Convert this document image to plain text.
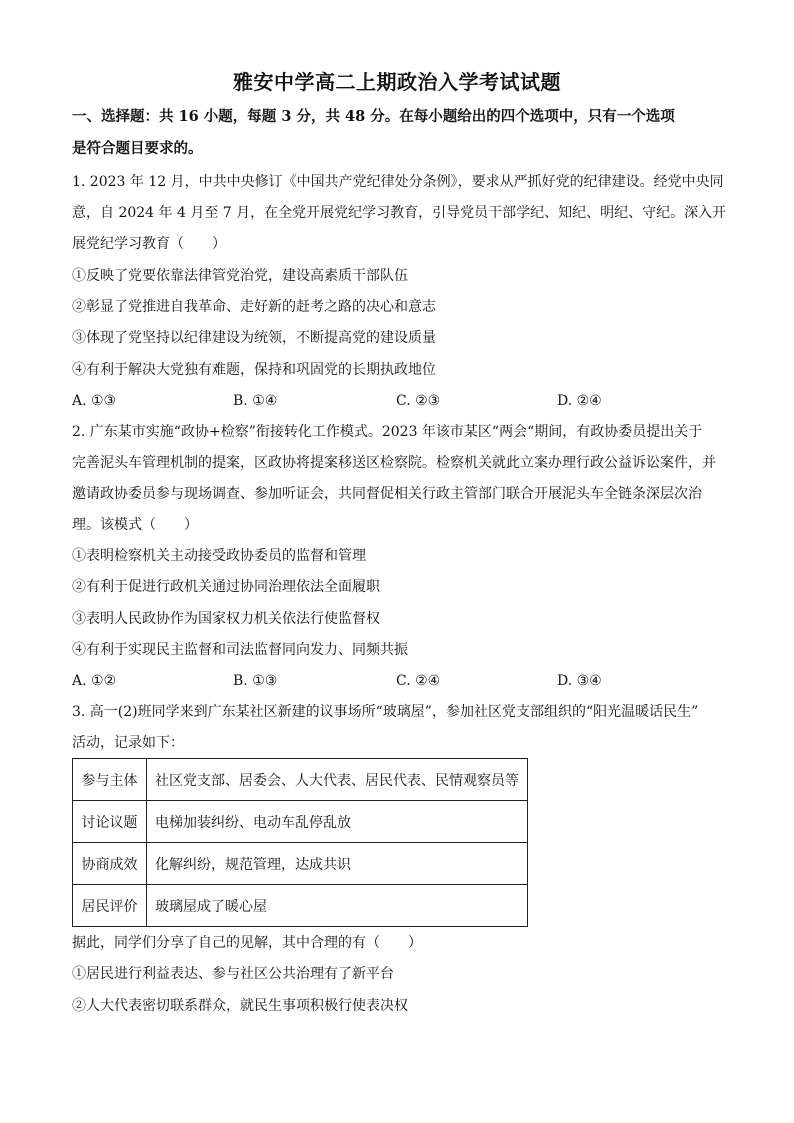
雅安中学高二上期政治入学考试试题
一、选择题：共 16 小题，每题 3 分，共 48 分。在每小题给出的四个选项中，只有一个选项
是符合题目要求的。
1. 2023 年 12 月，中共中央修订《中国共产党纪律处分条例》，要求从严抓好党的纪律建设。经党中央同
意，自 2024 年 4 月至 7 月，在全党开展党纪学习教育，引导党员干部学纪、知纪、明纪、守纪。深入开
展党纪学习教育（　　）
①反映了党要依靠法律管党治党，建设高素质干部队伍
②彰显了党推进自我革命、走好新的赶考之路的决心和意志
③体现了党坚持以纪律建设为统领，不断提高党的建设质量
④有利于解决大党独有难题，保持和巩固党的长期执政地位
A. ①③	B. ①④	C. ②③	D. ②④
2. 广东某市实施“政协+检察”衔接转化工作模式。2023 年该市某区“两会“期间，有政协委员提出关于
完善泥头车管理机制的提案，区政协将提案移送区检察院。检察机关就此立案办理行政公益诉讼案件，并
邀请政协委员参与现场调查、参加听证会，共同督促相关行政主管部门联合开展泥头车全链条深层次治
理。该模式（　　）
①表明检察机关主动接受政协委员的监督和管理
②有利于促进行政机关通过协同治理依法全面履职
③表明人民政协作为国家权力机关依法行使监督权
④有利于实现民主监督和司法监督同向发力、同频共振
A. ①②	B. ①③	C. ②④	D. ③④
3. 高一(2)班同学来到广东某社区新建的议事场所“玻璃屋”，参加社区党支部组织的“阳光温暖话民生”
活动，记录如下：
参与主体	社区党支部、居委会、人大代表、居民代表、民情观察员等
讨论议题	电梯加装纠纷、电动车乱停乱放
协商成效	化解纠纷，规范管理，达成共识
居民评价	玻璃屋成了暖心屋
据此，同学们分享了自己的见解，其中合理的有（　　）
①居民进行利益表达、参与社区公共治理有了新平台
②人大代表密切联系群众，就民生事项积极行使表决权
